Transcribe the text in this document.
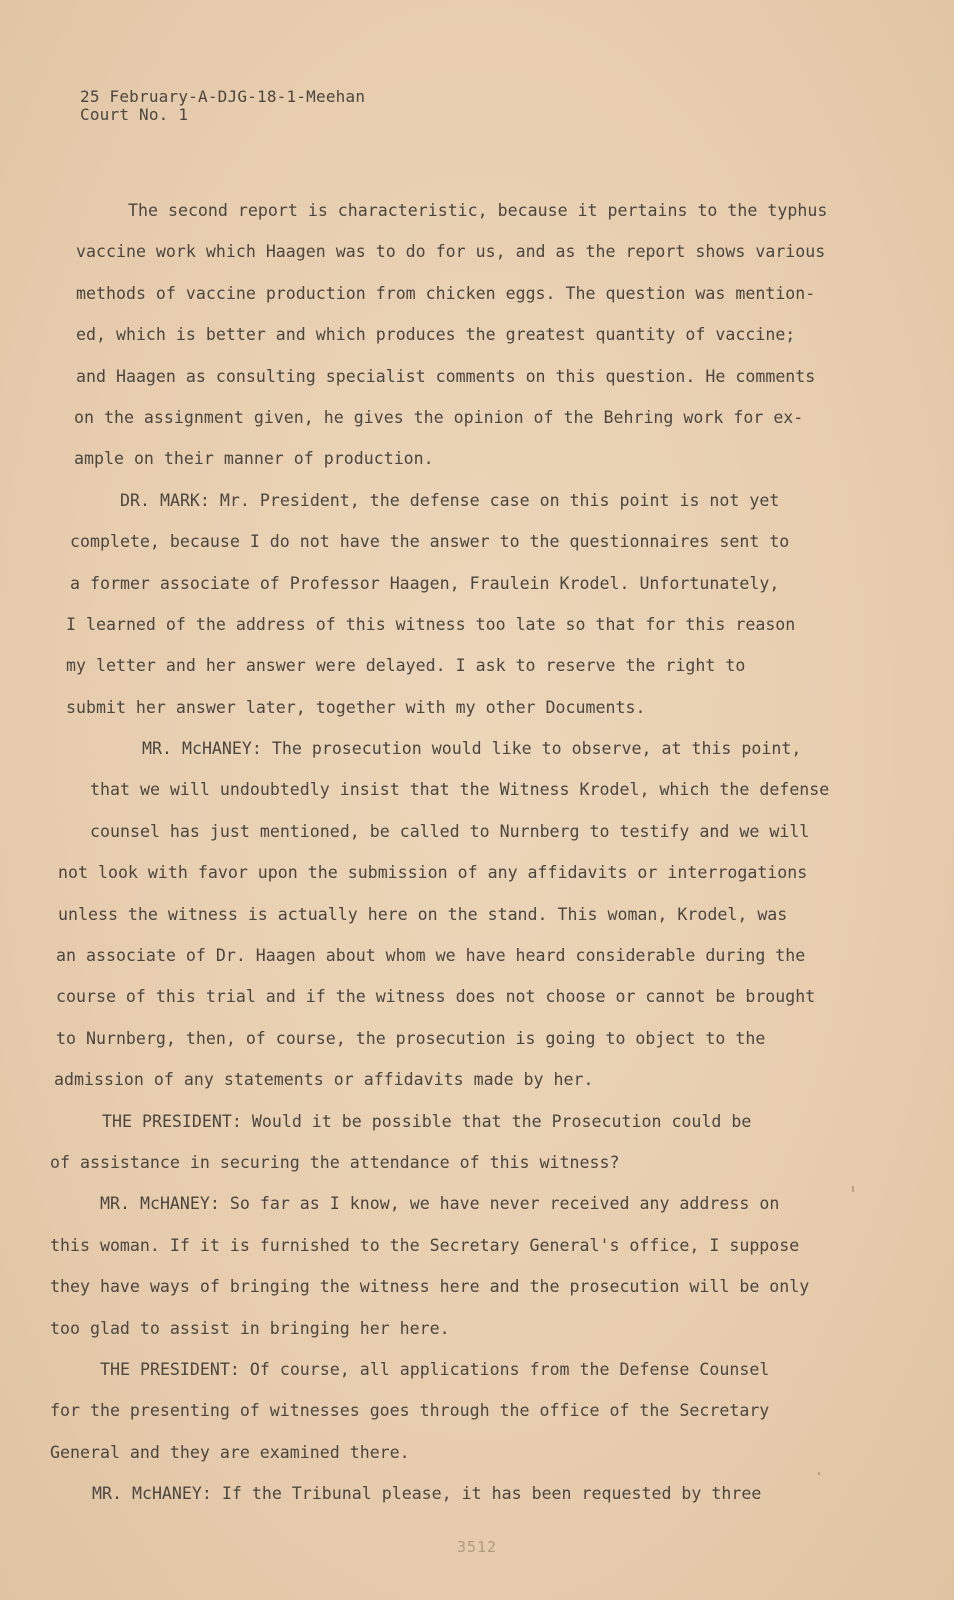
25 February-A-DJG-18-1-Meehan
Court No. 1
The second report is characteristic, because it pertains to the typhus
vaccine work which Haagen was to do for us, and as the report shows various
methods of vaccine production from chicken eggs. The question was mention-
ed, which is better and which produces the greatest quantity of vaccine;
and Haagen as consulting specialist comments on this question. He comments
on the assignment given, he gives the opinion of the Behring work for ex-
ample on their manner of production.
DR. MARK: Mr. President, the defense case on this point is not yet
complete, because I do not have the answer to the questionnaires sent to
a former associate of Professor Haagen, Fraulein Krodel. Unfortunately,
I learned of the address of this witness too late so that for this reason
my letter and her answer were delayed. I ask to reserve the right to
submit her answer later, together with my other Documents.
MR. McHANEY: The prosecution would like to observe, at this point,
that we will undoubtedly insist that the Witness Krodel, which the defense
counsel has just mentioned, be called to Nurnberg to testify and we will
not look with favor upon the submission of any affidavits or interrogations
unless the witness is actually here on the stand. This woman, Krodel, was
an associate of Dr. Haagen about whom we have heard considerable during the
course of this trial and if the witness does not choose or cannot be brought
to Nurnberg, then, of course, the prosecution is going to object to the
admission of any statements or affidavits made by her.
THE PRESIDENT: Would it be possible that the Prosecution could be
of assistance in securing the attendance of this witness?
MR. McHANEY: So far as I know, we have never received any address on
this woman. If it is furnished to the Secretary General's office, I suppose
they have ways of bringing the witness here and the prosecution will be only
too glad to assist in bringing her here.
THE PRESIDENT: Of course, all applications from the Defense Counsel
for the presenting of witnesses goes through the office of the Secretary
General and they are examined there.
MR. McHANEY: If the Tribunal please, it has been requested by three
3512
